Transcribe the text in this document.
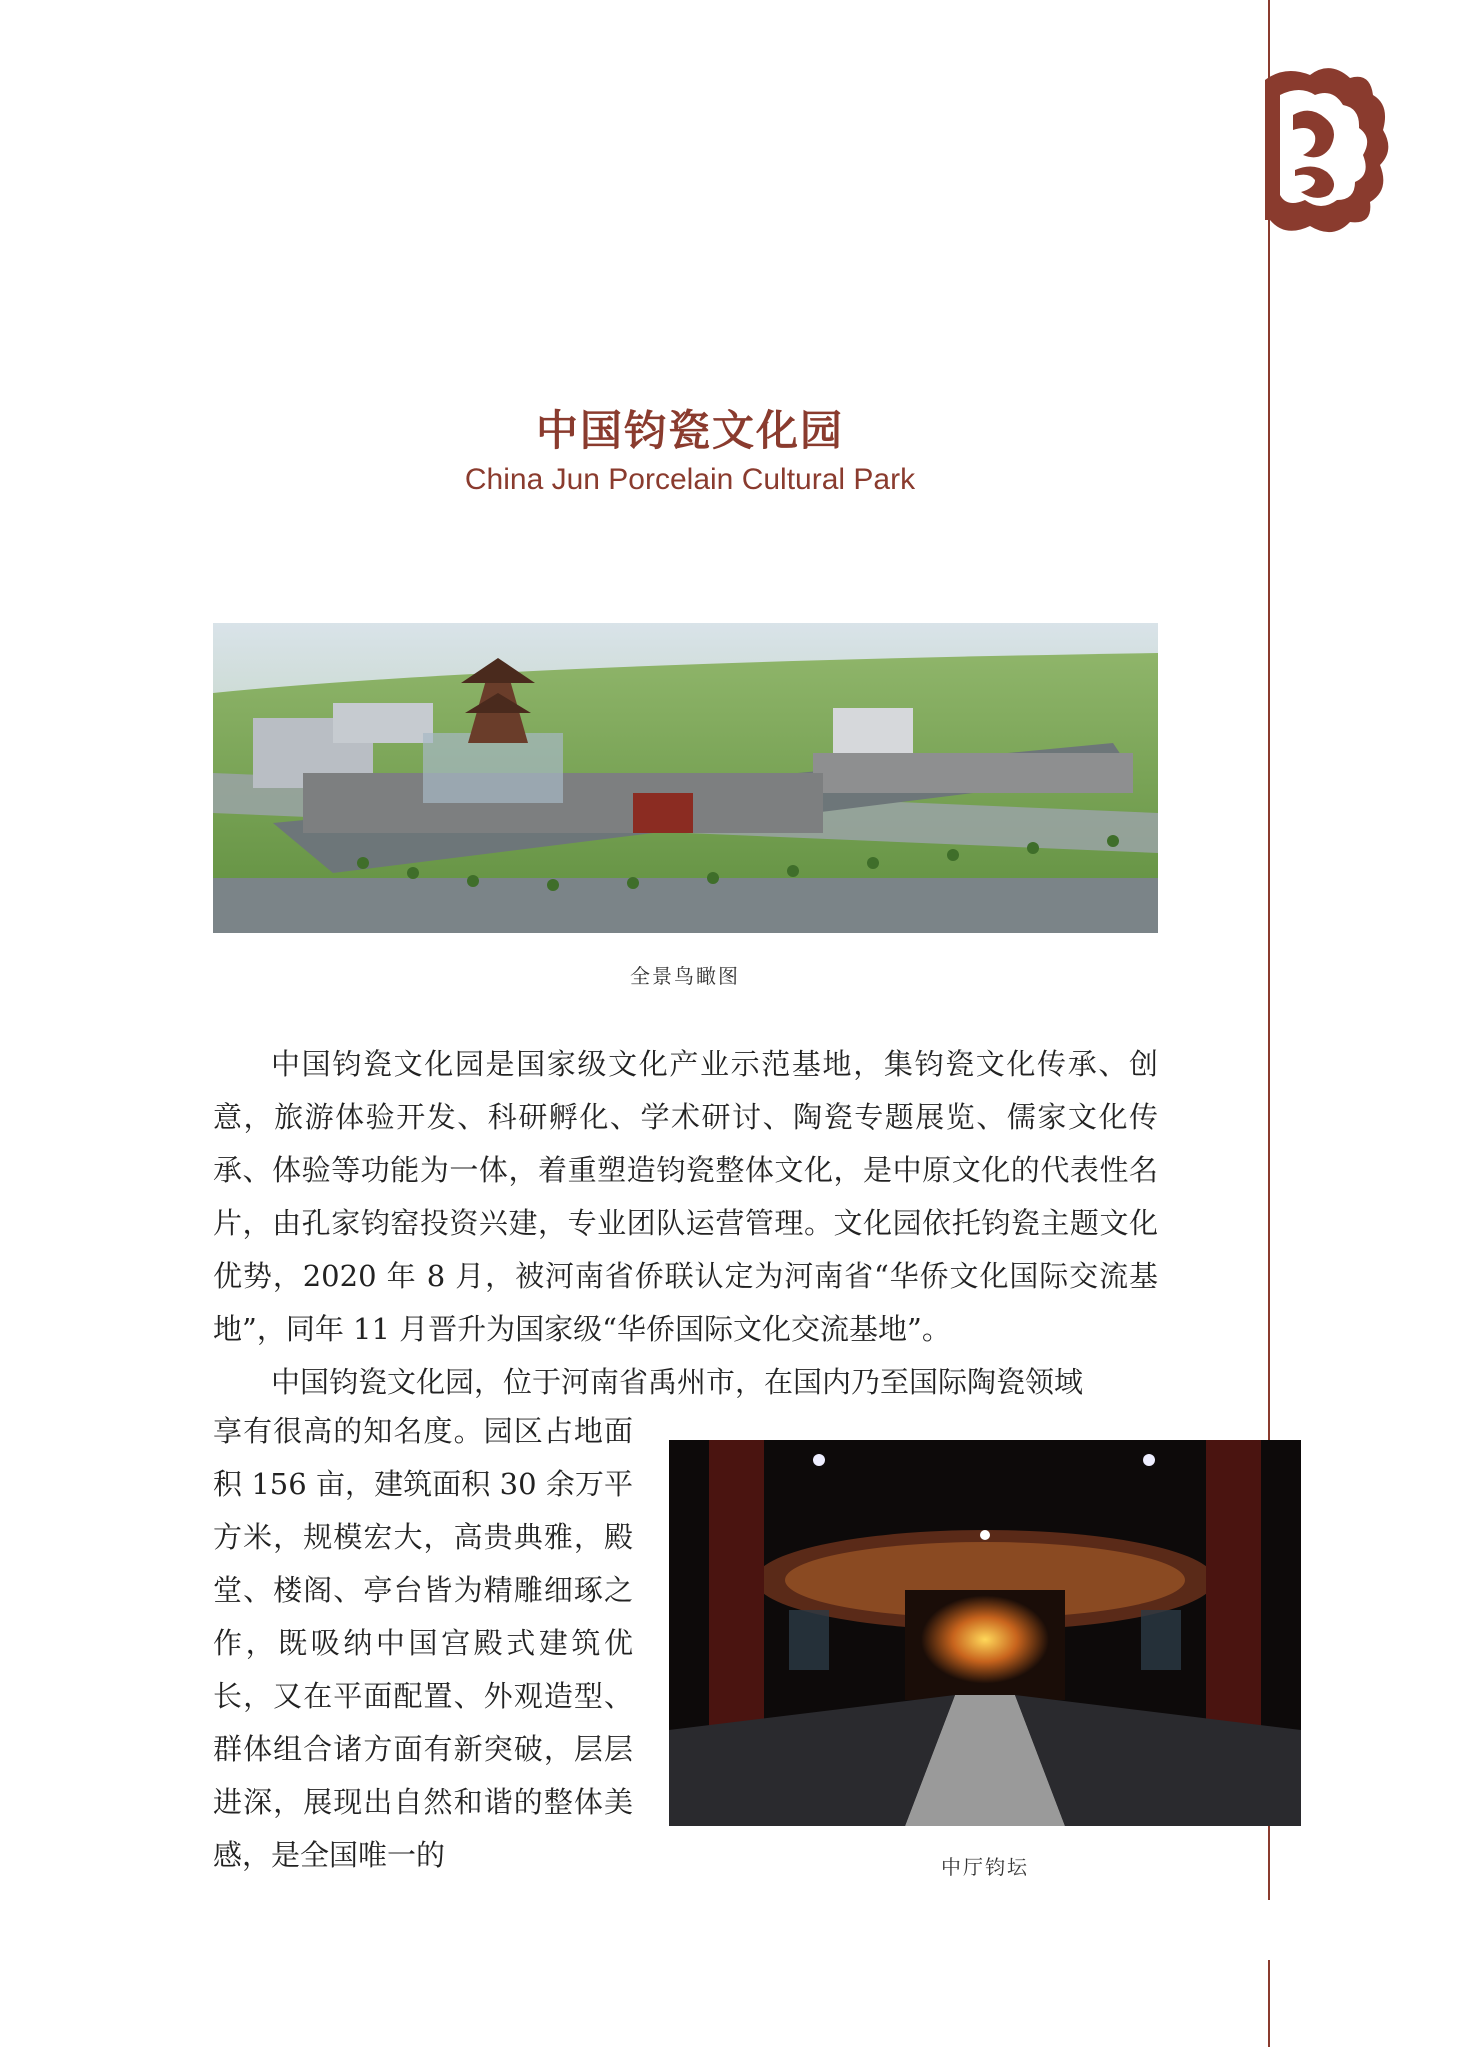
中国钧瓷文化园
China Jun Porcelain Cultural Park
全景鸟瞰图

中国钧瓷文化园是国家级文化产业示范基地，集钧瓷文化传承、创意，旅游体验开发、科研孵化、学术研讨、陶瓷专题展览、儒家文化传承、体验等功能为一体，着重塑造钧瓷整体文化，是中原文化的代表性名片，由孔家钧窑投资兴建，专业团队运营管理。文化园依托钧瓷主题文化优势，2020 年 8 月，被河南省侨联认定为河南省“华侨文化国际交流基地”，同年 11 月晋升为国家级“华侨国际文化交流基地”。

中国钧瓷文化园，位于河南省禹州市，在国内乃至国际陶瓷领域

享有很高的知名度。园区占地面积 156 亩，建筑面积 30 余万平方米，规模宏大，高贵典雅，殿堂、楼阁、亭台皆为精雕细琢之作，既吸纳中国宫殿式建筑优长，又在平面配置、外观造型、群体组合诸方面有新突破，层层进深，展现出自然和谐的整体美感，是全国唯一的	中厅钧坛
